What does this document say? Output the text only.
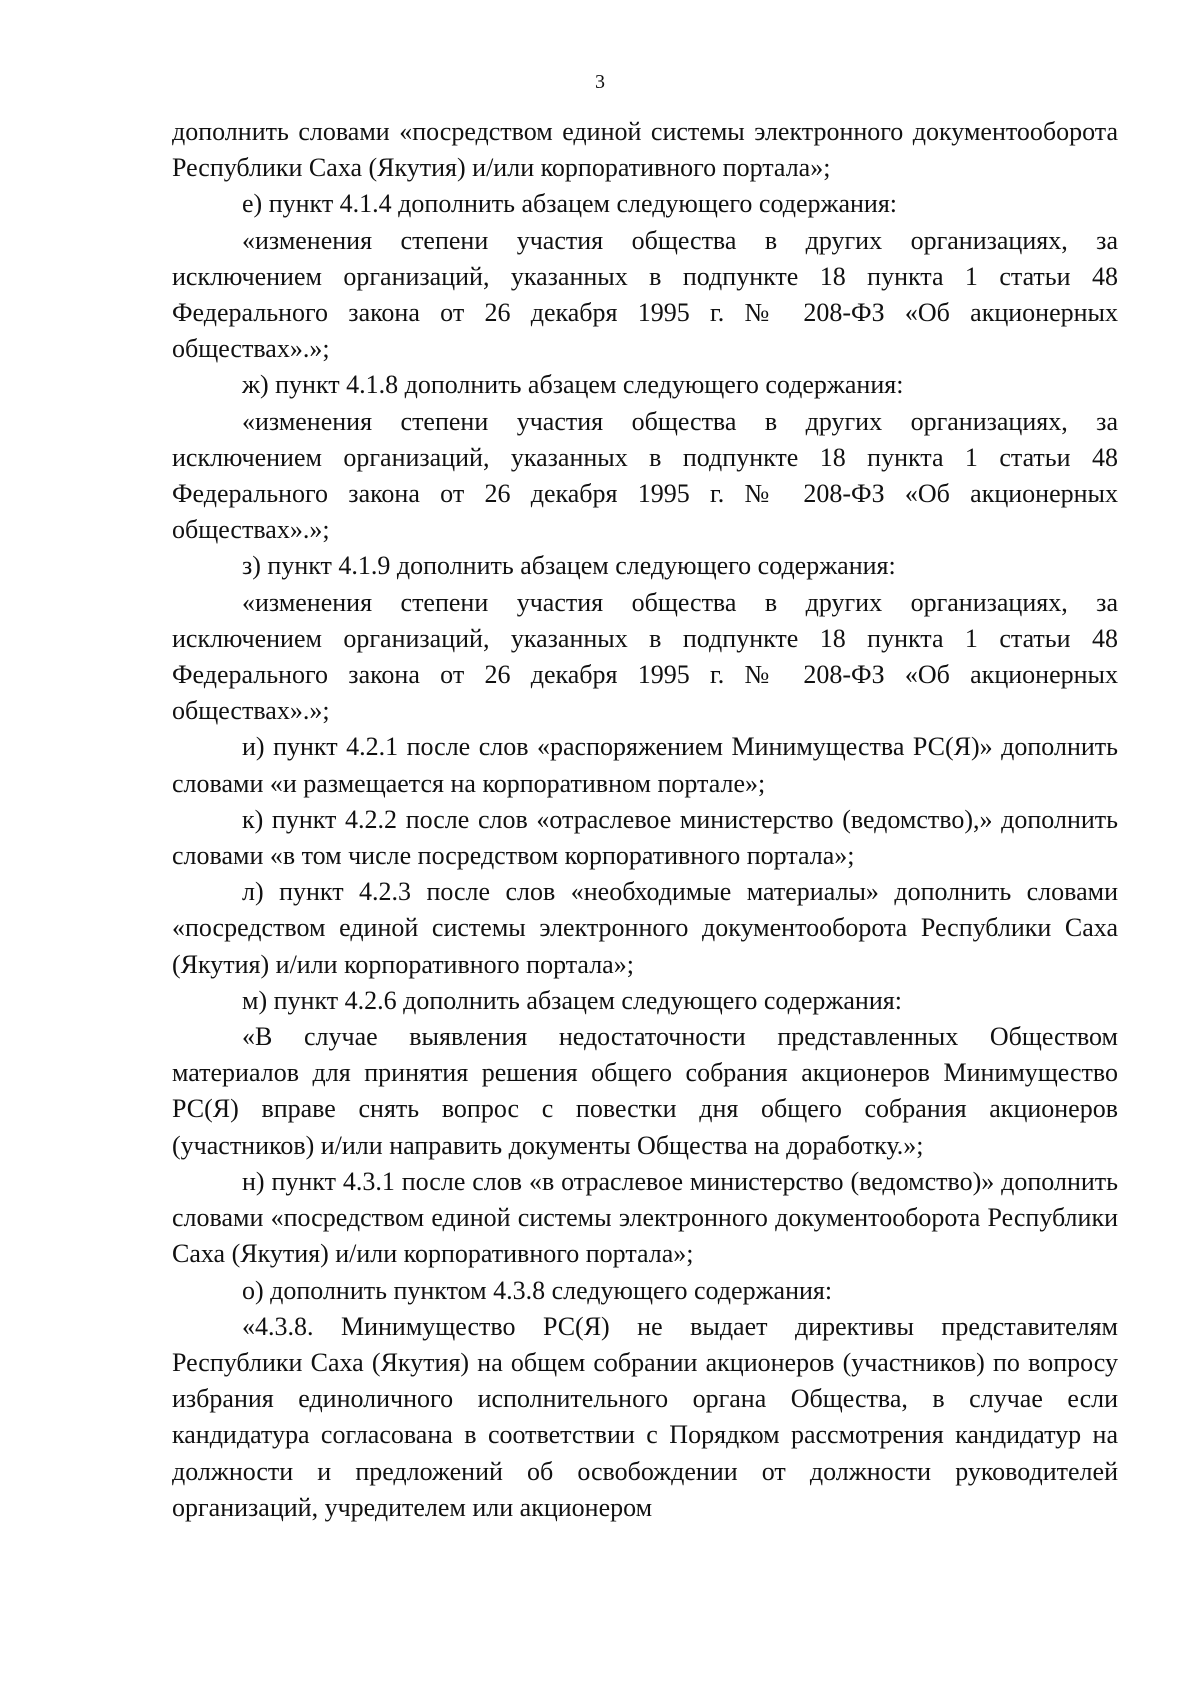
3

дополнить словами «посредством единой системы электронного документооборота Республики Саха (Якутия) и/или корпоративного портала»;

е) пункт 4.1.4 дополнить абзацем следующего содержания:

«изменения степени участия общества в других организациях, за исключением организаций, указанных в подпункте 18 пункта 1 статьи 48 Федерального закона от 26 декабря 1995 г. № 208-ФЗ «Об акционерных обществах».»;

ж) пункт 4.1.8 дополнить абзацем следующего содержания:

«изменения степени участия общества в других организациях, за исключением организаций, указанных в подпункте 18 пункта 1 статьи 48 Федерального закона от 26 декабря 1995 г. № 208-ФЗ «Об акционерных обществах».»;

з) пункт 4.1.9 дополнить абзацем следующего содержания:

«изменения степени участия общества в других организациях, за исключением организаций, указанных в подпункте 18 пункта 1 статьи 48 Федерального закона от 26 декабря 1995 г. № 208-ФЗ «Об акционерных обществах».»;

и) пункт 4.2.1 после слов «распоряжением Минимущества РС(Я)» дополнить словами «и размещается на корпоративном портале»;

к) пункт 4.2.2 после слов «отраслевое министерство (ведомство),» дополнить словами «в том числе посредством корпоративного портала»;

л) пункт 4.2.3 после слов «необходимые материалы» дополнить словами «посредством единой системы электронного документооборота Республики Саха (Якутия) и/или корпоративного портала»;

м) пункт 4.2.6 дополнить абзацем следующего содержания:

«В случае выявления недостаточности представленных Обществом материалов для принятия решения общего собрания акционеров Минимущество РС(Я) вправе снять вопрос с повестки дня общего собрания акционеров (участников) и/или направить документы Общества на доработку.»;

н) пункт 4.3.1 после слов «в отраслевое министерство (ведомство)» дополнить словами «посредством единой системы электронного документооборота Республики Саха (Якутия) и/или корпоративного портала»;

о) дополнить пунктом 4.3.8 следующего содержания:

«4.3.8. Минимущество РС(Я) не выдает директивы представителям Республики Саха (Якутия) на общем собрании акционеров (участников) по вопросу избрания единоличного исполнительного органа Общества, в случае если кандидатура согласована в соответствии с Порядком рассмотрения кандидатур на должности и предложений об освобождении от должности руководителей организаций, учредителем или акционером
